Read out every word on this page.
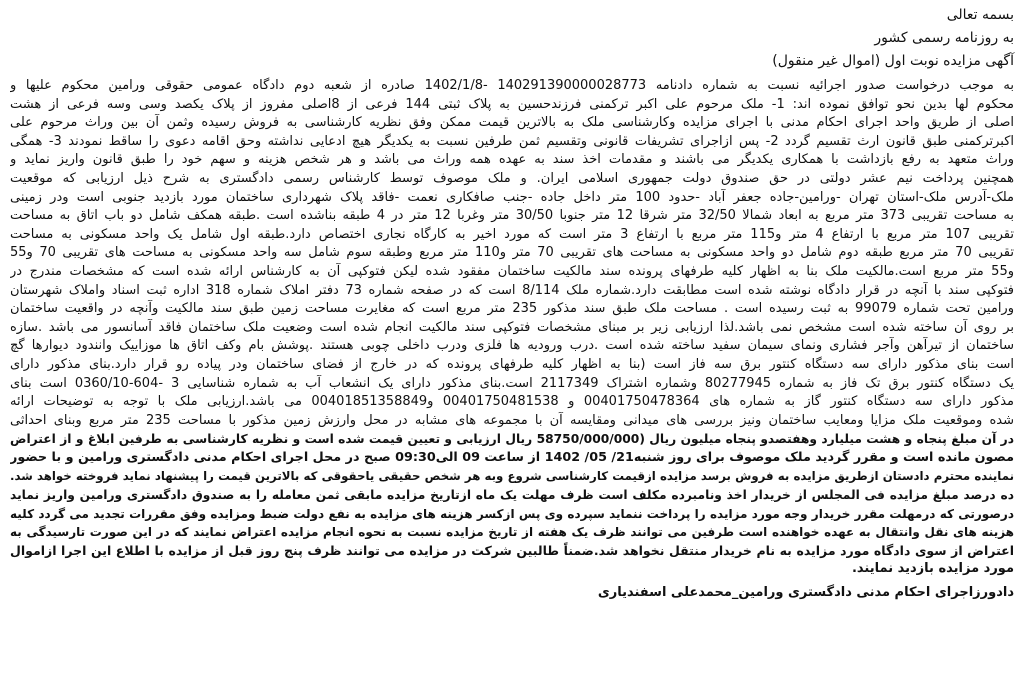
بسمه تعالی

به روزنامه رسمی کشور

آگهی مزایده نوبت اول (اموال غیر منقول)

به موجب درخواست صدور اجرائیه نسبت به شماره دادنامه 140291390000028773 -1402/1/8 صادره از شعبه دوم دادگاه عمومی حقوقی ورامین محکوم علیها و
محکوم لها بدین نحو توافق نموده اند: 1- ملک مرحوم علی اکبر ترکمنی فرزندحسین به پلاک ثبتی 144 فرعی از 8اصلی مفروز از پلاک یکصد وسی وسه فرعی از هشت
اصلی از طریق واحد اجرای احکام مدنی با اجرای مزایده وکارشناسی ملک به بالاترین قیمت ممکن وفق نظریه کارشناسی به فروش رسیده وثمن آن بین وراث مرحوم علی
اکبرترکمنی طبق قانون ارث تقسیم گردد 2- پس ازاجرای تشریفات قانونی وتقسیم ثمن طرفین نسبت به یکدیگر هیچ ادعایی نداشته وحق اقامه دعوی را ساقط نمودند 3- همگی
وراث متعهد به رفع بازداشت با همکاری یکدیگر می باشند و مقدمات اخذ سند به عهده همه وراث می باشد و هر شخص هزینه و سهم خود را طبق قانون واریز نماید و
همچنین پرداخت نیم عشر دولتی در حق صندوق دولت جمهوری اسلامی ایران. و ملک موصوف توسط کارشناس رسمی دادگستری به شرح ذیل ارزیابی که موقعیت
ملک-آدرس ملک-استان تهران -ورامین-جاده جعفر آباد -حدود 100 متر داخل جاده -جنب صافکاری نعمت -فاقد پلاک شهرداری ساختمان مورد بازدید جنوبی است ودر زمینی
به مساحت تقریبی 373 متر مربع به ابعاد شمالا 32/50 متر شرقا 12 متر جنوبا 30/50 متر وغربا 12 متر در 4 طبقه بناشده است .طبقه همکف شامل دو باب اتاق به مساحت
تقریبی 107 متر مربع با ارتفاع 4 متر و115 متر مربع با ارتفاع 3 متر است که مورد اخیر به کارگاه نجاری اختصاص دارد.طبقه اول شامل یک واحد مسکونی به مساحت
تقریبی 70 متر مربع طبقه دوم شامل دو واحد مسکونی به مساحت های تقریبی 70 متر و110 متر مربع وطبقه سوم شامل سه واحد مسکونی به مساحت های تقریبی 70 و55
و55 متر مربع است.مالکیت ملک بنا به اظهار کلیه طرفهای پرونده سند مالکیت ساختمان مفقود شده لیکن فتوکپی آن به کارشناس ارائه شده است که مشخصات مندرج در
فتوکپی سند با آنچه در قرار دادگاه نوشته شده است مطابقت دارد.شماره ملک 8/114 است که در صفحه شماره 73 دفتر املاک شماره 318 اداره ثبت اسناد واملاک شهرستان
ورامین تحت شماره 99079 به ثبت رسیده است . مساحت ملک طبق سند مذکور 235 متر مربع است که مغایرت مساحت زمین طبق سند مالکیت وآنچه در واقعیت ساختمان
بر روی آن ساخته شده است مشخص نمی باشد.لذا ارزیابی زیر بر مبنای مشخصات فتوکپی سند مالکیت انجام شده است وضعیت ملک ساختمان فاقد آسانسور می باشد .سازه
ساختمان از تیرآهن وآجر فشاری ونمای سیمان سفید ساخته شده است .درب ورودیه ها فلزی ودرب داخلی چوبی هستند .پوشش بام وکف اتاق ها موزاییک وانندود دیوارها گچ
است بنای مذکور دارای سه دستگاه کنتور برق سه فاز است (بنا به اظهار کلیه طرفهای پرونده که در خارج از فضای ساختمان ودر پیاده رو قرار دارد.بنای مذکور دارای
یک دستگاه کنتور برق تک فاز به شماره 80277945 وشماره اشتراک 2117349 است.بنای مذکور دارای یک انشعاب آب به شماره شناسایی 3 -604-0360/10 است بنای
مذکور دارای سه دستگاه کنتور گاز به شماره های 00401750478364 و 00401750481538 و00401851358849 می باشد.ارزیابی ملک با توجه به توضیحات ارائه
شده وموقعیت ملک مزایا ومعایب ساختمان ونیز بررسی های میدانی ومقایسه آن با مجموعه های مشابه در محل وارزش زمین مذکور با مساحت 235 متر مربع وبنای احداثی
در آن مبلغ پنجاه و هشت میلیارد وهفتصدو پنجاه میلیون ریال (58750/000/000 ریال ارزیابی و تعیین قیمت شده است و نظریه کارشناسی به طرفین ابلاغ و از اعتراض
مصون مانده است و مقرر گردید ملک موصوف برای روز شنبه21/ 05/ 1402 از ساعت 09 الی09:30 صبح در محل اجرای احکام مدنی دادگستری ورامین و با حضور
نماینده محترم دادستان ازطریق مزایده به فروش برسد مزایده ازقیمت کارشناسی شروع وبه هر شخص حقیقی یاحقوقی که بالاترین قیمت را پیشنهاد نماید فروخته خواهد شد.
ده درصد مبلغ مزایده فی المجلس از خریدار اخذ ونامبرده مکلف است ظرف مهلت یک ماه ازتاریخ مزایده مابقی ثمن معامله را به صندوق دادگستری ورامین واریز نماید
درصورتی که درمهلت مقرر خریدار وجه مورد مزایده را پرداخت ننماید سپرده وی پس ازکسر هزینه های مزایده به نفع دولت ضبط ومزایده وفق مقررات تجدید می گردد کلیه
هزینه های نقل وانتقال به عهده خواهنده است طرفین می توانند ظرف یک هفته از تاریخ مزایده نسبت به نحوه انجام مزایده اعتراض نمایند که در این صورت تارسیدگی به
اعتراض از سوی دادگاه مورد مزایده به نام خریدار منتقل نخواهد شد.ضمناً طالبین شرکت در مزایده می توانند ظرف پنج روز قبل از مزایده با اطلاع این اجرا ازاموال
مورد مزایده بازدید نمایند.
دادورزاجرای احکام مدنی دادگستری ورامین_محمدعلی اسفندیاری
